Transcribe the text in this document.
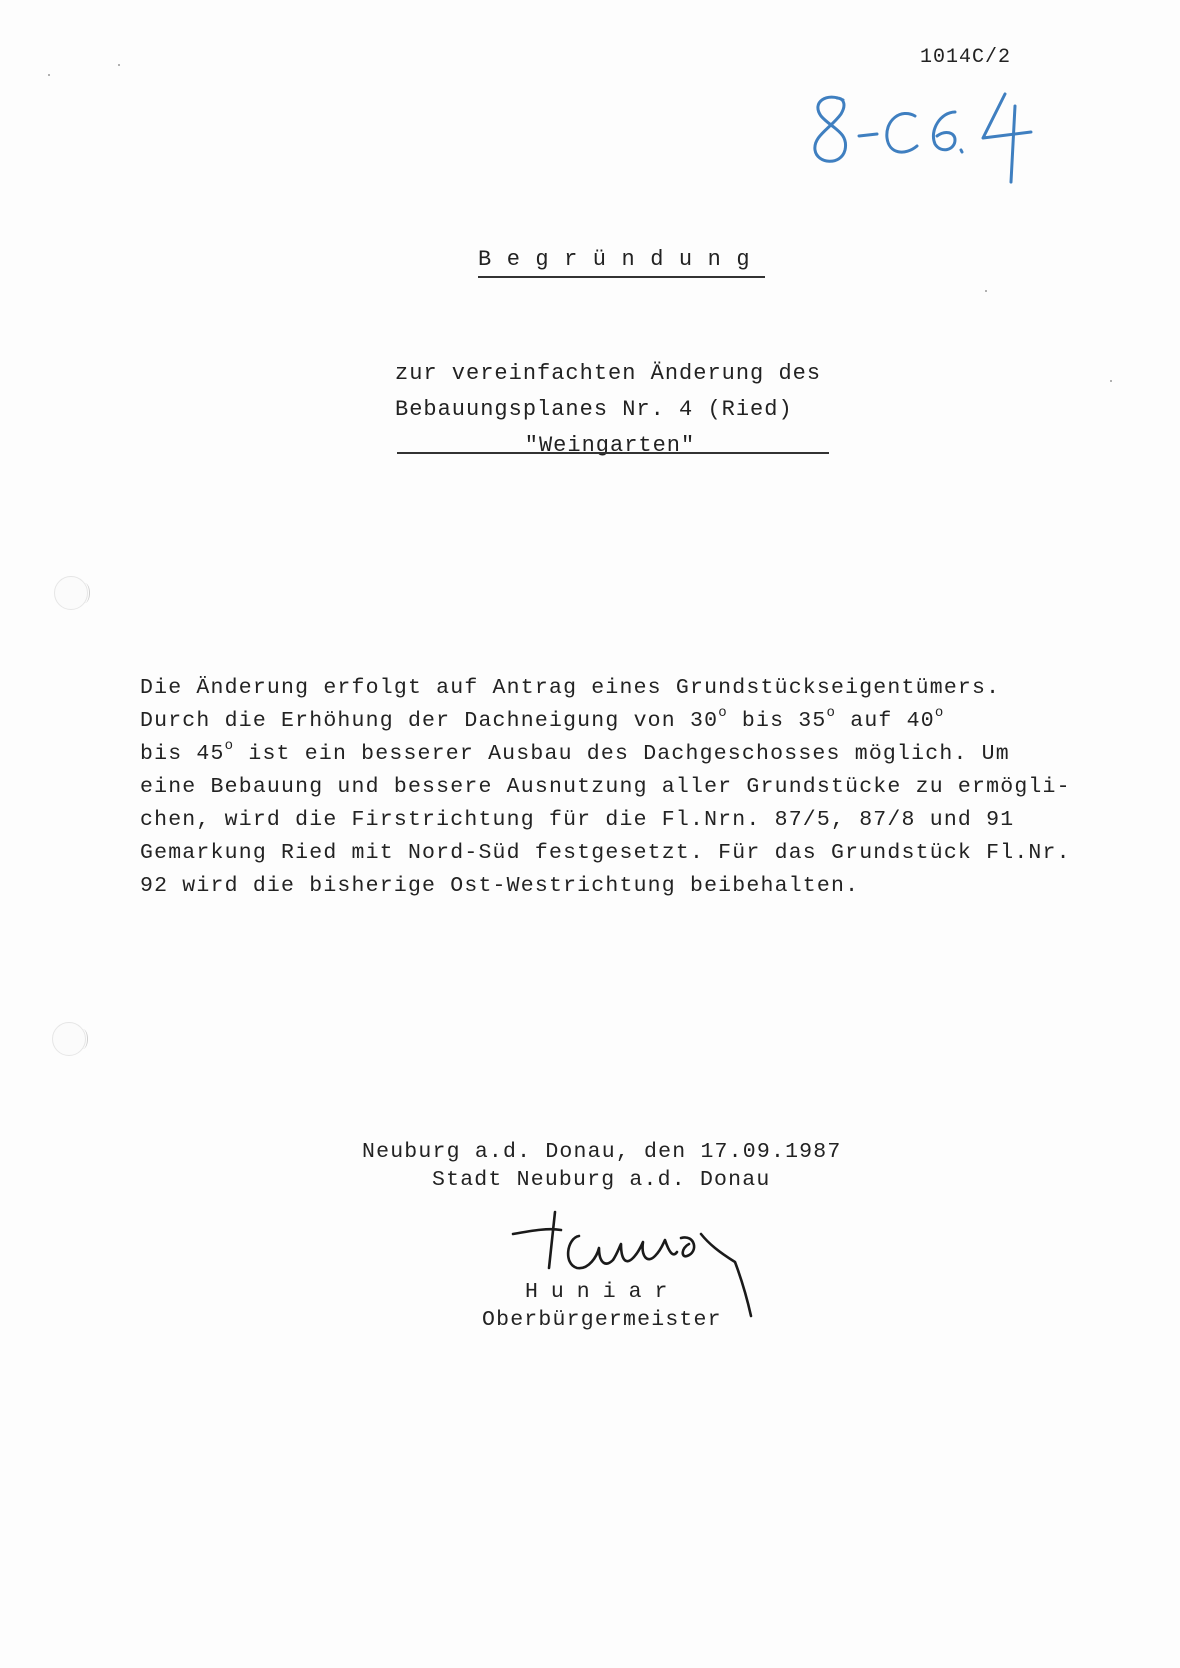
1014C/2
Begründung
zur vereinfachten Änderung des
Bebauungsplanes Nr. 4 (Ried)

"Weingarten"

Die Änderung erfolgt auf Antrag eines Grundstückseigentümers.

Durch die Erhöhung der Dachneigung von 30$^o$ bis 35$^o$ auf 40$^o$

bis 45$^o$ ist ein besserer Ausbau des Dachgeschosses möglich. Um

eine Bebauung und bessere Ausnutzung aller Grundstücke zu ermögli-

chen, wird die Firstrichtung für die Fl.Nrn. 87/5, 87/8 und 91

Gemarkung Ried mit Nord-Süd festgesetzt. Für das Grundstück Fl.Nr.

92 wird die bisherige Ost-Westrichtung beibehalten.

Neuburg a.d. Donau, den 17.09.1987
Stadt Neuburg a.d. Donau
Huniar
Oberbürgermeister
